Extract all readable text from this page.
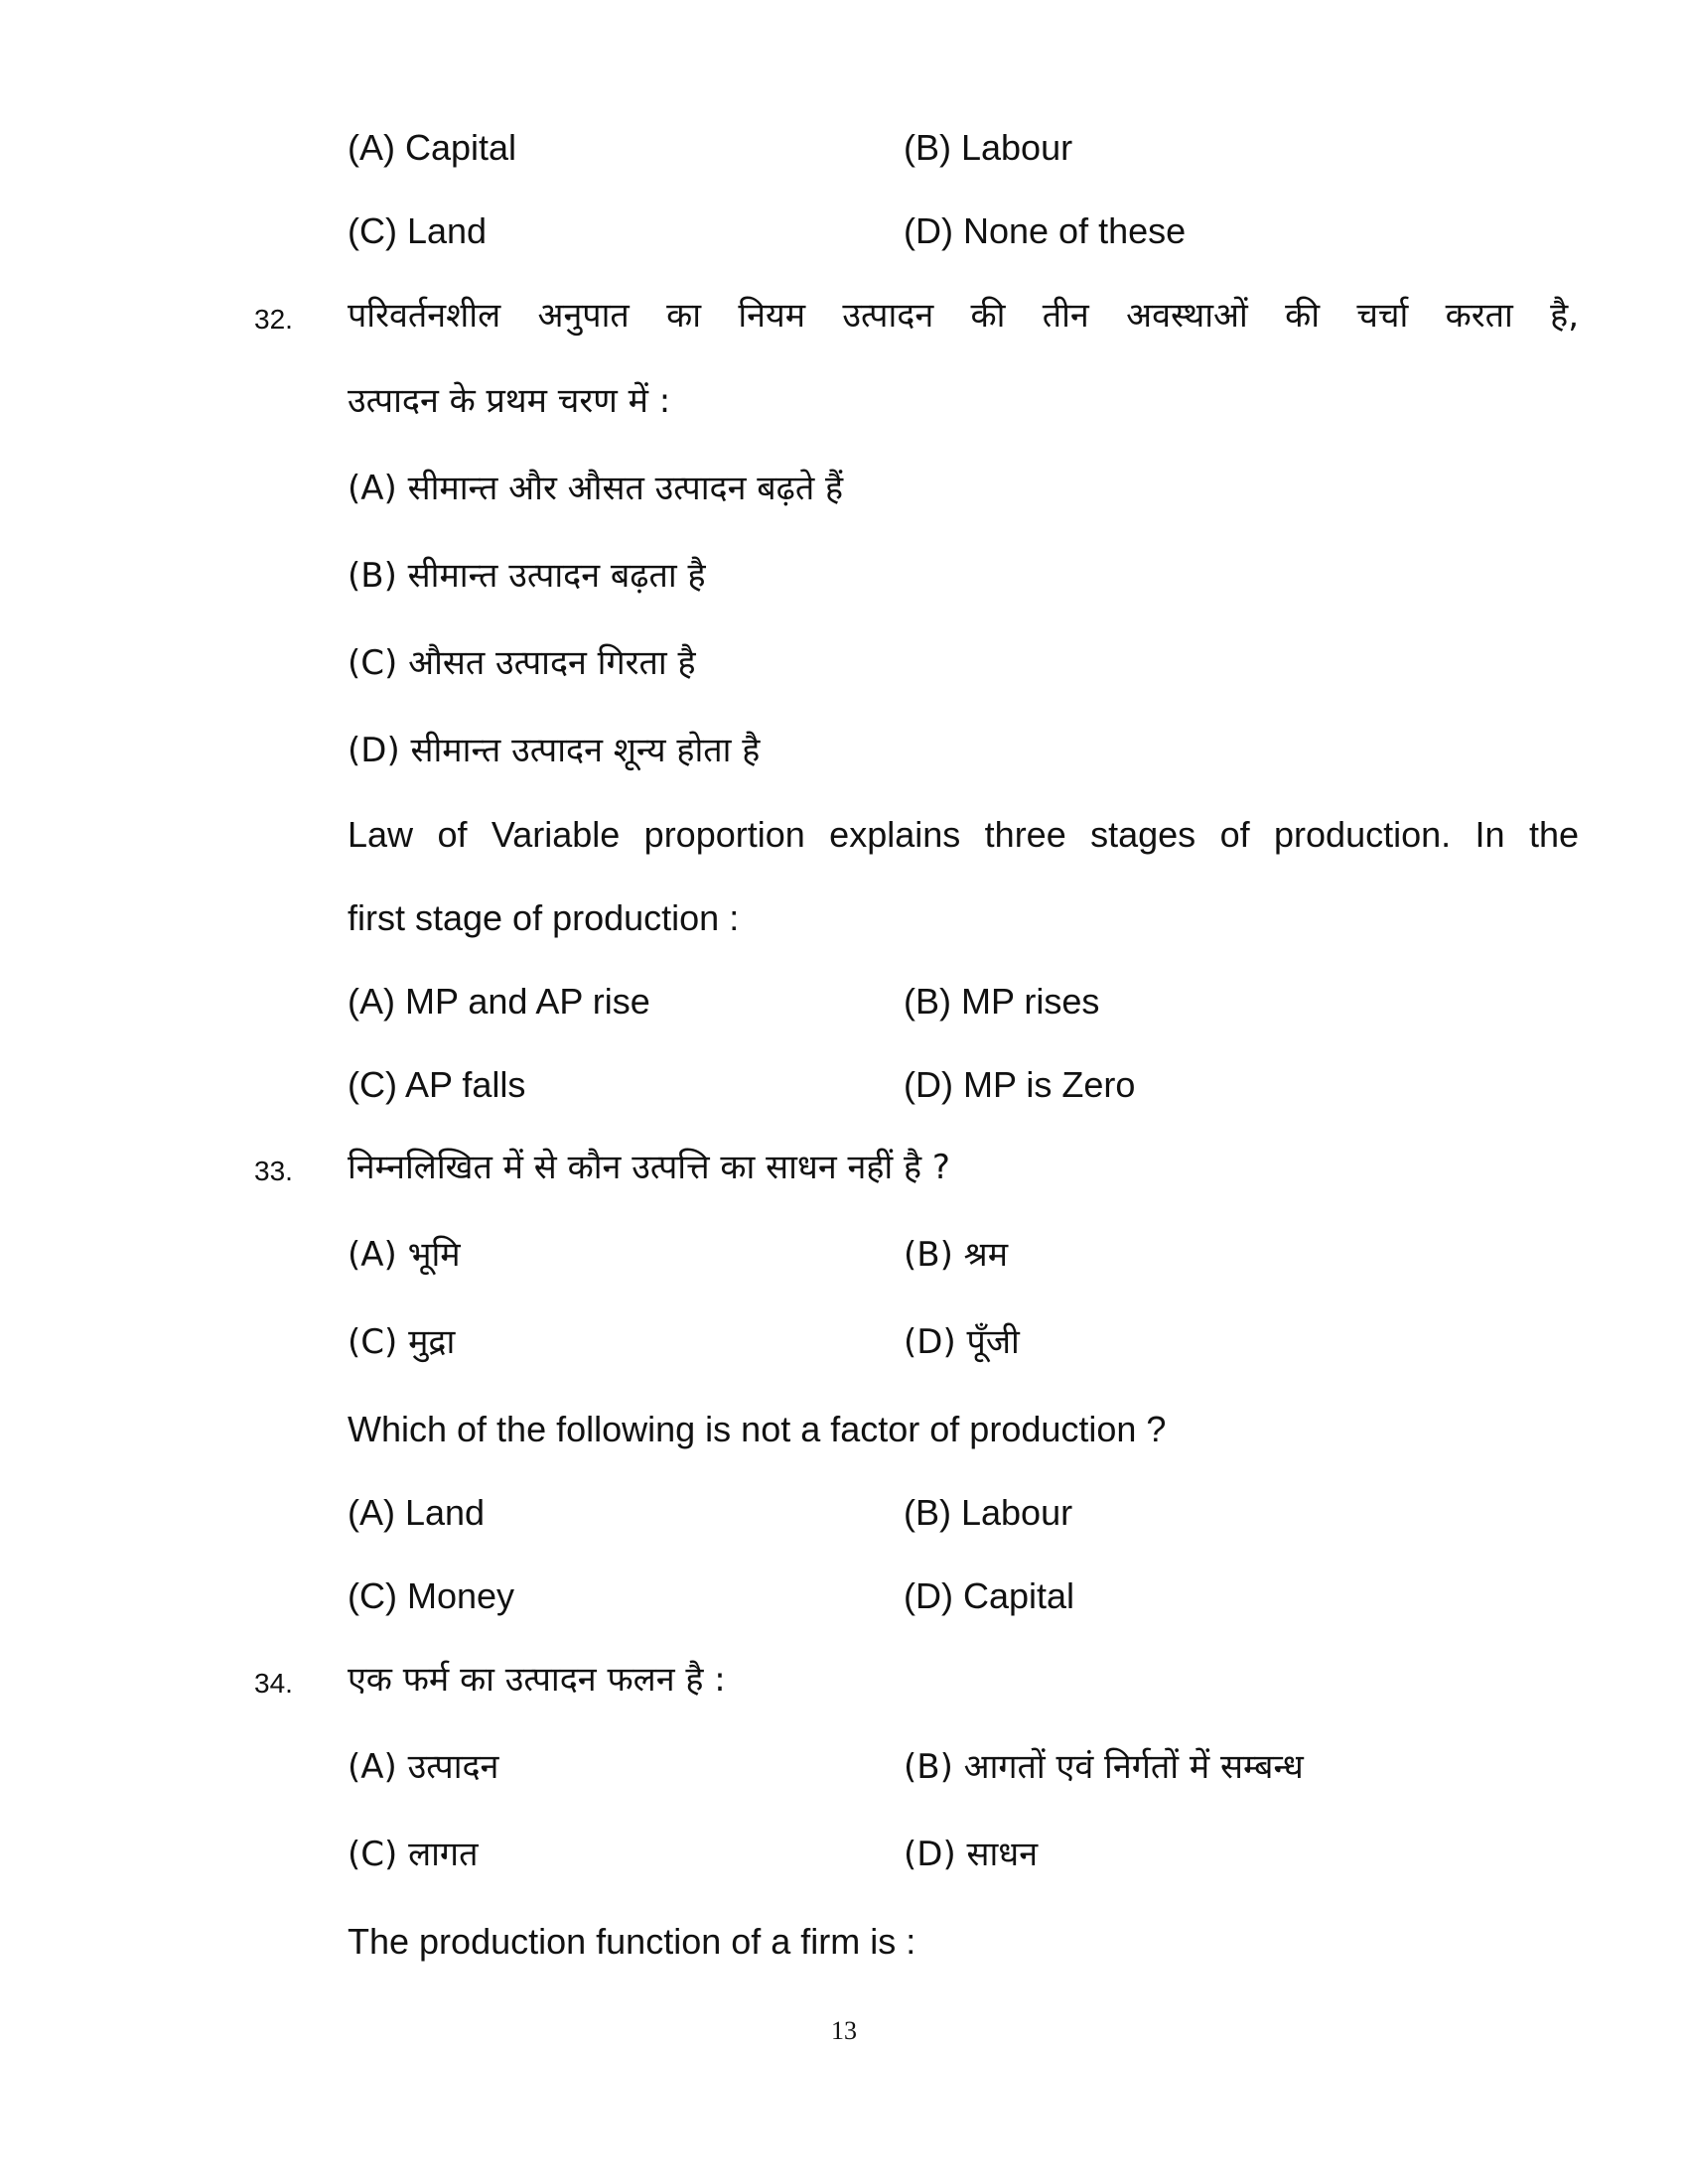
(A) Capital	(B) Labour
(C) Land	(D) None of these
32. परिवर्तनशील अनुपात का नियम उत्पादन की तीन अवस्थाओं की चर्चा करता है,
उत्पादन के प्रथम चरण में :
(A) सीमान्त और औसत उत्पादन बढ़ते हैं
(B) सीमान्त उत्पादन बढ़ता है
(C) औसत उत्पादन गिरता है
(D) सीमान्त उत्पादन शून्य होता है
Law of Variable proportion explains three stages of production. In the
first stage of production :
(A) MP and AP rise	(B) MP rises
(C) AP falls	(D) MP is Zero
33. निम्नलिखित में से कौन उत्पत्ति का साधन नहीं है ?
(A) भूमि	(B) श्रम
(C) मुद्रा	(D) पूँजी
Which of the following is not a factor of production ?
(A) Land	(B) Labour
(C) Money	(D) Capital
34. एक फर्म का उत्पादन फलन है :
(A) उत्पादन	(B) आगतों एवं निर्गतों में सम्बन्ध
(C) लागत	(D) साधन
The production function of a firm is :
13
